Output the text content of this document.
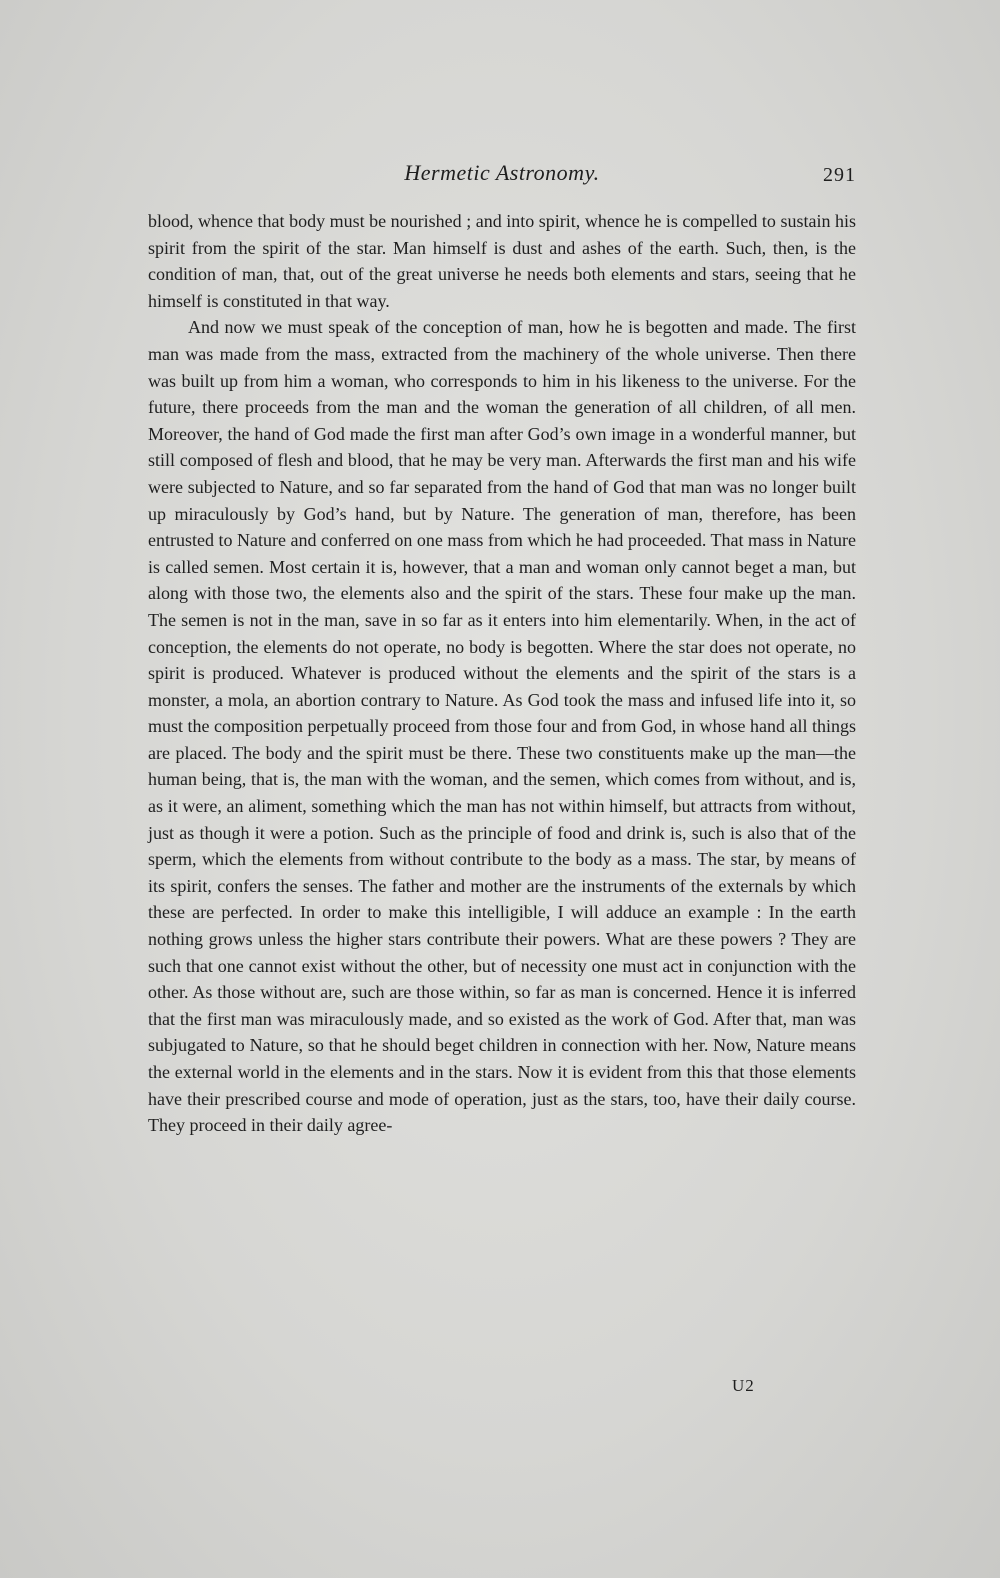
Hermetic Astronomy.	291

blood, whence that body must be nourished ; and into spirit, whence he is compelled to sustain his spirit from the spirit of the star. Man himself is dust and ashes of the earth. Such, then, is the condition of man, that, out of the great universe he needs both elements and stars, seeing that he himself is constituted in that way.

And now we must speak of the conception of man, how he is begotten and made. The first man was made from the mass, extracted from the machinery of the whole universe. Then there was built up from him a woman, who corresponds to him in his likeness to the universe. For the future, there proceeds from the man and the woman the generation of all children, of all men. Moreover, the hand of God made the first man after God’s own image in a wonderful manner, but still composed of flesh and blood, that he may be very man. Afterwards the first man and his wife were subjected to Nature, and so far separated from the hand of God that man was no longer built up miraculously by God’s hand, but by Nature. The generation of man, therefore, has been entrusted to Nature and conferred on one mass from which he had proceeded. That mass in Nature is called semen. Most certain it is, however, that a man and woman only cannot beget a man, but along with those two, the elements also and the spirit of the stars. These four make up the man. The semen is not in the man, save in so far as it enters into him elementarily. When, in the act of conception, the elements do not operate, no body is begotten. Where the star does not operate, no spirit is produced. Whatever is produced without the elements and the spirit of the stars is a monster, a mola, an abortion contrary to Nature. As God took the mass and infused life into it, so must the composition perpetually proceed from those four and from God, in whose hand all things are placed. The body and the spirit must be there. These two constituents make up the man—the human being, that is, the man with the woman, and the semen, which comes from without, and is, as it were, an aliment, something which the man has not within himself, but attracts from without, just as though it were a potion. Such as the principle of food and drink is, such is also that of the sperm, which the elements from without contribute to the body as a mass. The star, by means of its spirit, confers the senses. The father and mother are the instruments of the externals by which these are perfected. In order to make this intelligible, I will adduce an example : In the earth nothing grows unless the higher stars contribute their powers. What are these powers ? They are such that one cannot exist without the other, but of necessity one must act in conjunction with the other. As those without are, such are those within, so far as man is concerned. Hence it is inferred that the first man was miraculously made, and so existed as the work of God. After that, man was subjugated to Nature, so that he should beget children in connection with her. Now, Nature means the external world in the elements and in the stars. Now it is evident from this that those elements have their prescribed course and mode of operation, just as the stars, too, have their daily course. They proceed in their daily agree-

U2
